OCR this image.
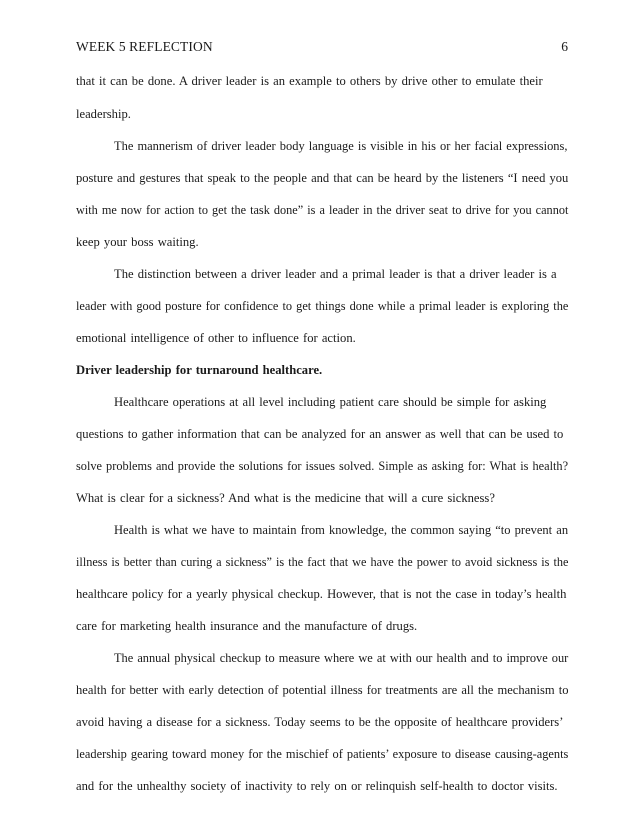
WEEK 5 REFLECTION	6
that it can be done. A driver leader is an example to others by drive other to emulate their
leadership.
The mannerism of driver leader body language is visible in his or her facial expressions,
posture and gestures that speak to the people and that can be heard by the listeners “I need you
with me now for action to get the task done” is a leader in the driver seat to drive for you cannot
keep your boss waiting.
The distinction between a driver leader and a primal leader is that a driver leader is a
leader with good posture for confidence to get things done while a primal leader is exploring the
emotional intelligence of other to influence for action.
Driver leadership for turnaround healthcare.
Healthcare operations at all level including patient care should be simple for asking
questions to gather information that can be analyzed for an answer as well that can be used to
solve problems and provide the solutions for issues solved. Simple as asking for: What is health?
What is clear for a sickness? And what is the medicine that will a cure sickness?
Health is what we have to maintain from knowledge, the common saying “to prevent an
illness is better than curing a sickness” is the fact that we have the power to avoid sickness is the
healthcare policy for a yearly physical checkup. However, that is not the case in today’s health
care for marketing health insurance and the manufacture of drugs.
The annual physical checkup to measure where we at with our health and to improve our
health for better with early detection of potential illness for treatments are all the mechanism to
avoid having a disease for a sickness. Today seems to be the opposite of healthcare providers’
leadership gearing toward money for the mischief of patients’ exposure to disease causing-agents
and for the unhealthy society of inactivity to rely on or relinquish self-health to doctor visits.
